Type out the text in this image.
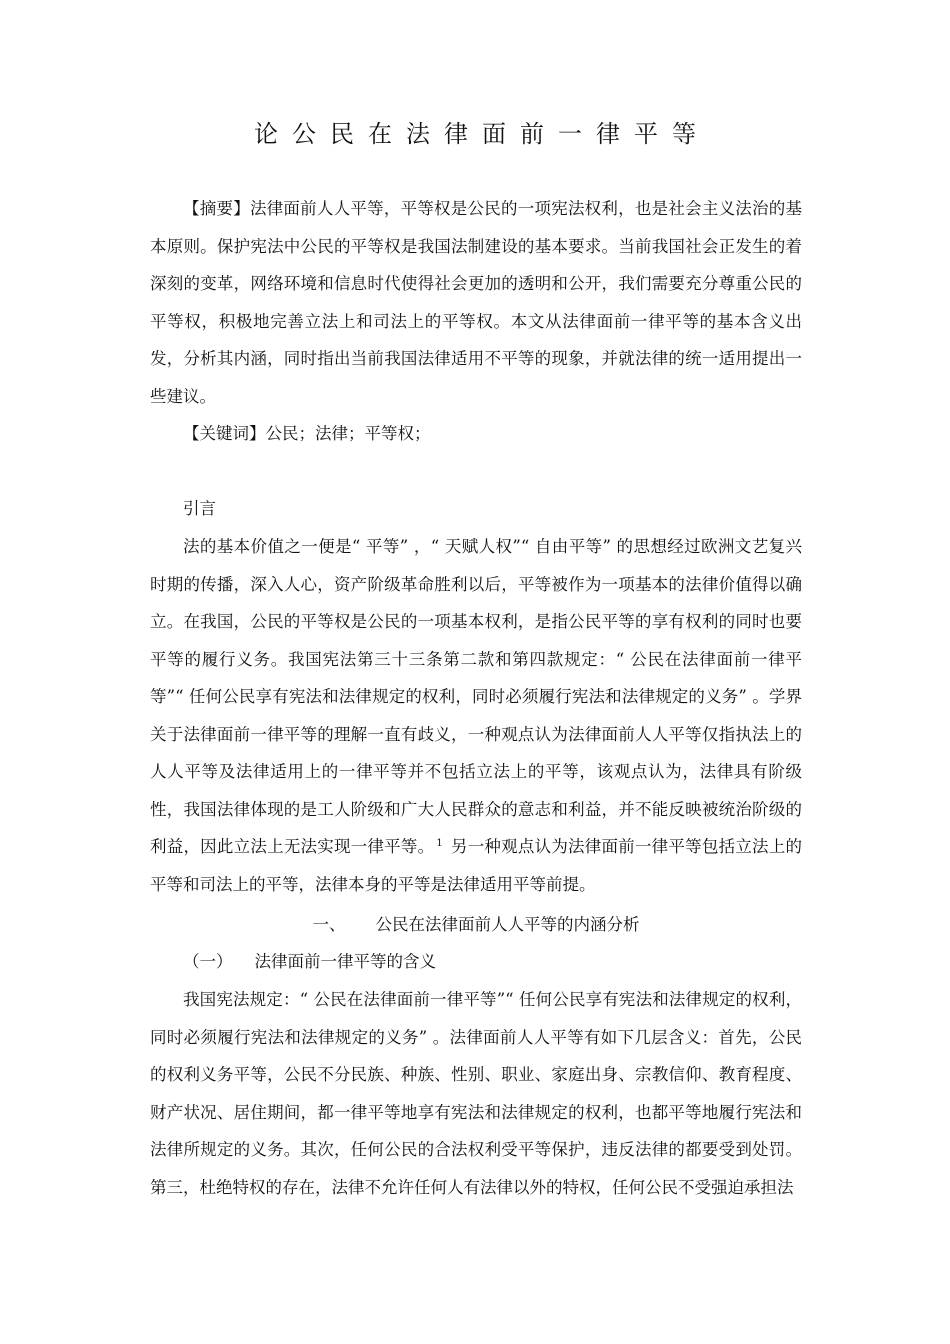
论公民在法律面前一律平等

【摘要】法律面前人人平等，平等权是公民的一项宪法权利，也是社会主义法治的基本原则。保护宪法中公民的平等权是我国法制建设的基本要求。当前我国社会正发生的着深刻的变革，网络环境和信息时代使得社会更加的透明和公开，我们需要充分尊重公民的平等权，积极地完善立法上和司法上的平等权。本文从法律面前一律平等的基本含义出发，分析其内涵，同时指出当前我国法律适用不平等的现象，并就法律的统一适用提出一些建议。

【关键词】公民；法律；平等权；

引言

法的基本价值之一便是“ 平等” ，“ 天赋人权”“ 自由平等” 的思想经过欧洲文艺复兴时期的传播，深入人心，资产阶级革命胜利以后，平等被作为一项基本的法律价值得以确立。在我国，公民的平等权是公民的一项基本权利，是指公民平等的享有权利的同时也要平等的履行义务。我国宪法第三十三条第二款和第四款规定：“ 公民在法律面前一律平等”“ 任何公民享有宪法和法律规定的权利，同时必须履行宪法和法律规定的义务” 。学界关于法律面前一律平等的理解一直有歧义，一种观点认为法律面前人人平等仅指执法上的人人平等及法律适用上的一律平等并不包括立法上的平等，该观点认为，法律具有阶级性，我国法律体现的是工人阶级和广大人民群众的意志和利益，并不能反映被统治阶级的利益，因此立法上无法实现一律平等。 $^1$ 另一种观点认为法律面前一律平等包括立法上的平等和司法上的平等，法律本身的平等是法律适用平等前提。

一、 公民在法律面前人人平等的内涵分析
（一） 法律面前一律平等的含义

我国宪法规定：“ 公民在法律面前一律平等”“ 任何公民享有宪法和法律规定的权利，同时必须履行宪法和法律规定的义务” 。法律面前人人平等有如下几层含义：首先，公民的权利义务平等，公民不分民族、种族、性别、职业、家庭出身、宗教信仰、教育程度、财产状况、居住期间，都一律平等地享有宪法和法律规定的权利，也都平等地履行宪法和法律所规定的义务。其次，任何公民的合法权利受平等保护，违反法律的都要受到处罚。第三，杜绝特权的存在，法律不允许任何人有法律以外的特权，任何公民不受强迫承担法
